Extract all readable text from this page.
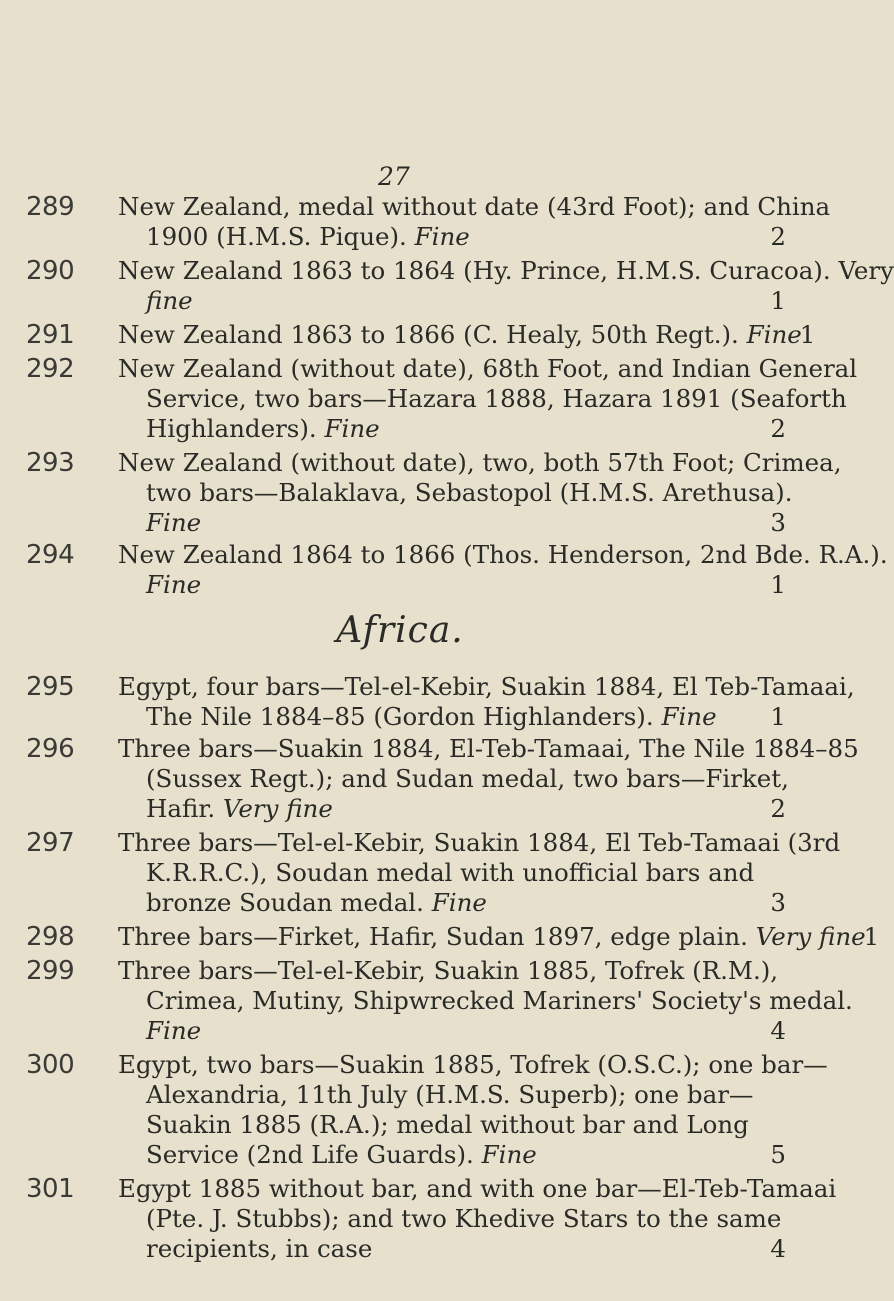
27
289 New Zealand, medal without date (43rd Foot); and China
1900 (H.M.S. Pique). Fine	2
290 New Zealand 1863 to 1864 (Hy. Prince, H.M.S. Curacoa). Very
fine	1
291 New Zealand 1863 to 1866 (C. Healy, 50th Regt.). Fine
1
292 New Zealand (without date), 68th Foot, and Indian General
Service, two bars—Hazara 1888, Hazara 1891 (Seaforth
Highlanders). Fine	2
293 New Zealand (without date), two, both 57th Foot; Crimea,
two bars—Balaklava, Sebastopol (H.M.S. Arethusa).
Fine	3
294 New Zealand 1864 to 1866 (Thos. Henderson, 2nd Bde. R.A.).
Fine	1
Africa.
295 Egypt, four bars—Tel-el-Kebir, Suakin 1884, El Teb-Tamaai,
The Nile 1884–85 (Gordon Highlanders). Fine 1
296 Three bars—Suakin 1884, El-Teb-Tamaai, The Nile 1884–85
(Sussex Regt.); and Sudan medal, two bars—Firket,
Hafir. Very fine	2
297 Three bars—Tel-el-Kebir, Suakin 1884, El Teb-Tamaai (3rd
K.R.R.C.), Soudan medal with unofficial bars and
bronze Soudan medal. Fine	3
298 Three bars—Firket, Hafir, Sudan 1897, edge plain. Very fine
1
299 Three bars—Tel-el-Kebir, Suakin 1885, Tofrek (R.M.),
Crimea, Mutiny, Shipwrecked Mariners' Society's medal.
Fine	4
300 Egypt, two bars—Suakin 1885, Tofrek (O.S.C.); one bar—
Alexandria, 11th July (H.M.S. Superb); one bar—
Suakin 1885 (R.A.); medal without bar and Long
Service (2nd Life Guards). Fine	5
301 Egypt 1885 without bar, and with one bar—El-Teb-Tamaai
(Pte. J. Stubbs); and two Khedive Stars to the same
recipients, in case	4
